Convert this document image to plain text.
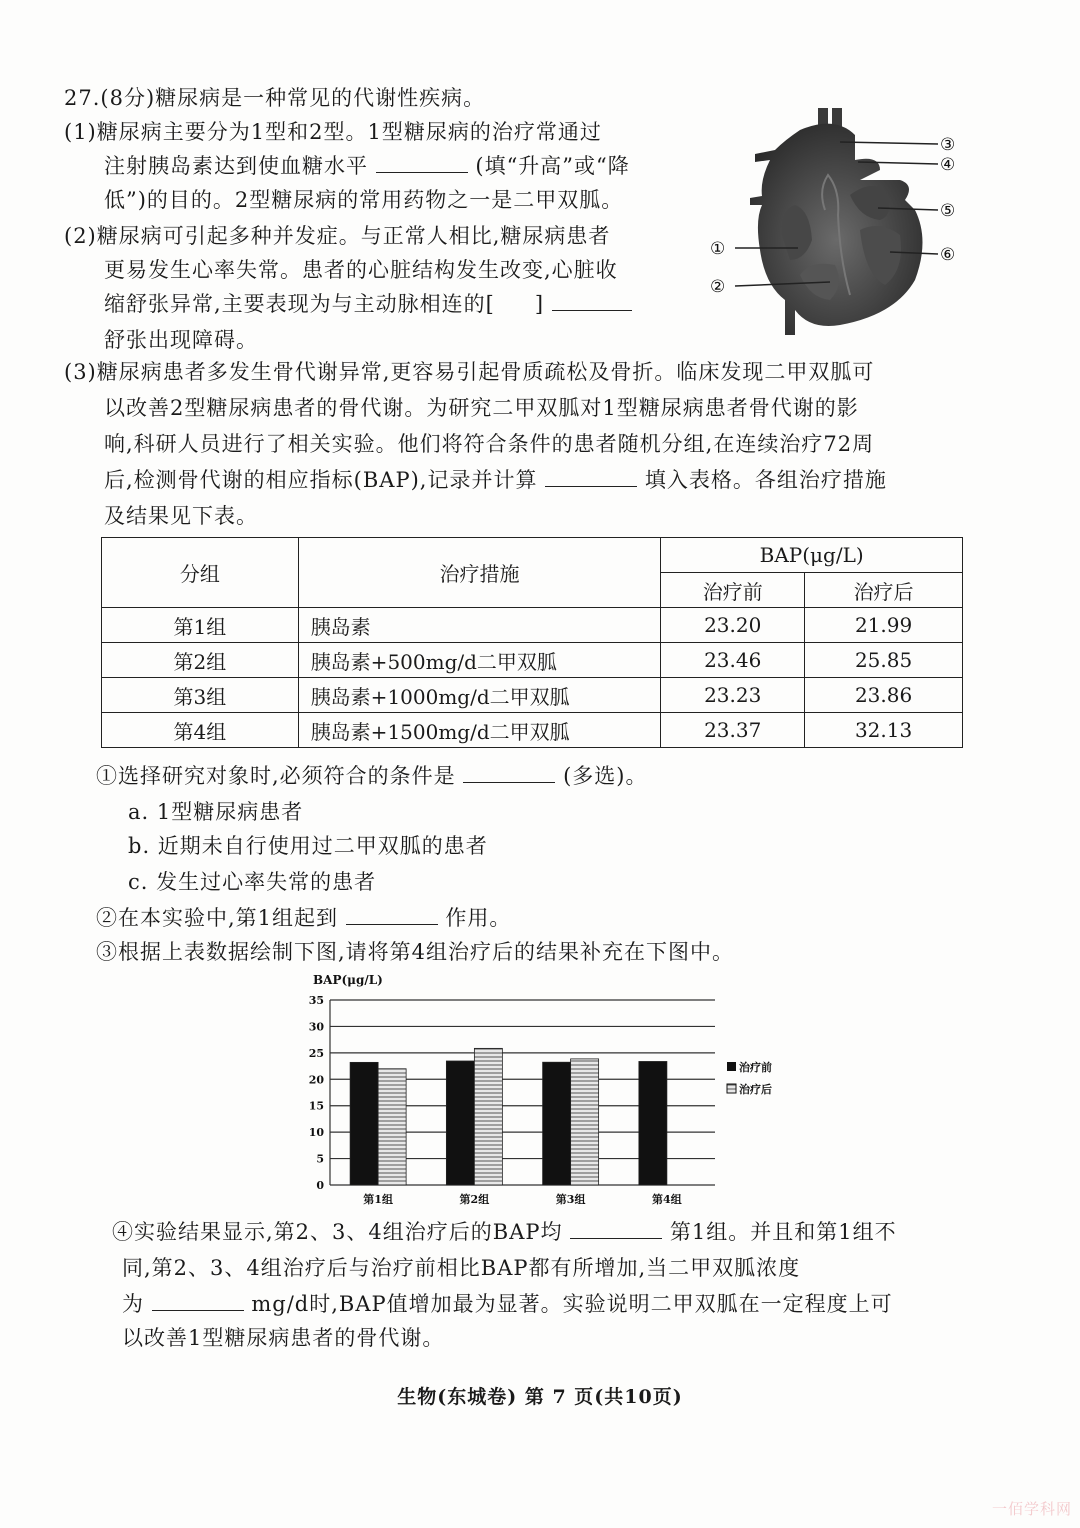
27.(8分)糖尿病是一种常见的代谢性疾病。
(1)糖尿病主要分为1型和2型。1型糖尿病的治疗常通过
注射胰岛素达到使血糖水平	(填“升高”或“降
低”)的目的。2型糖尿病的常用药物之一是二甲双胍。
(2)糖尿病可引起多种并发症。与正常人相比,糖尿病患者
更易发生心率失常。患者的心脏结构发生改变,心脏收
缩舒张异常,主要表现为与主动脉相连的[ ]
舒张出现障碍。
①
②
③
④
⑤
⑥
(3)糖尿病患者多发生骨代谢异常,更容易引起骨质疏松及骨折。临床发现二甲双胍可
以改善2型糖尿病患者的骨代谢。为研究二甲双胍对1型糖尿病患者骨代谢的影
响,科研人员进行了相关实验。他们将符合条件的患者随机分组,在连续治疗72周
后,检测骨代谢的相应指标(BAP),记录并计算	填入表格。各组治疗措施
及结果见下表。
分组	治疗措施	BAP(μg/L)	
		治疗前	治疗后
第1组	胰岛素	23.20	21.99
第2组	胰岛素+500mg/d二甲双胍	23.46	25.85
第3组	胰岛素+1000mg/d二甲双胍	23.23	23.86
第4组	胰岛素+1500mg/d二甲双胍	23.37	32.13
①选择研究对象时,必须符合的条件是	(多选)。
a. 1型糖尿病患者
b. 近期未自行使用过二甲双胍的患者
c. 发生过心率失常的患者
②在本实验中,第1组起到	作用。
③根据上表数据绘制下图,请将第4组治疗后的结果补充在下图中。
BAP(μg/L)
0
5
10
15
20
25
30
35
第1组	第2组	第3组	第4组
治疗前
治疗后
④实验结果显示,第2、3、4组治疗后的BAP均	第1组。并且和第1组不
同,第2、3、4组治疗后与治疗前相比BAP都有所增加,当二甲双胍浓度
为	mg/d时,BAP值增加最为显著。实验说明二甲双胍在一定程度上可
以改善1型糖尿病患者的骨代谢。
生物(东城卷) 第 7 页(共10页)
一佰学科网
